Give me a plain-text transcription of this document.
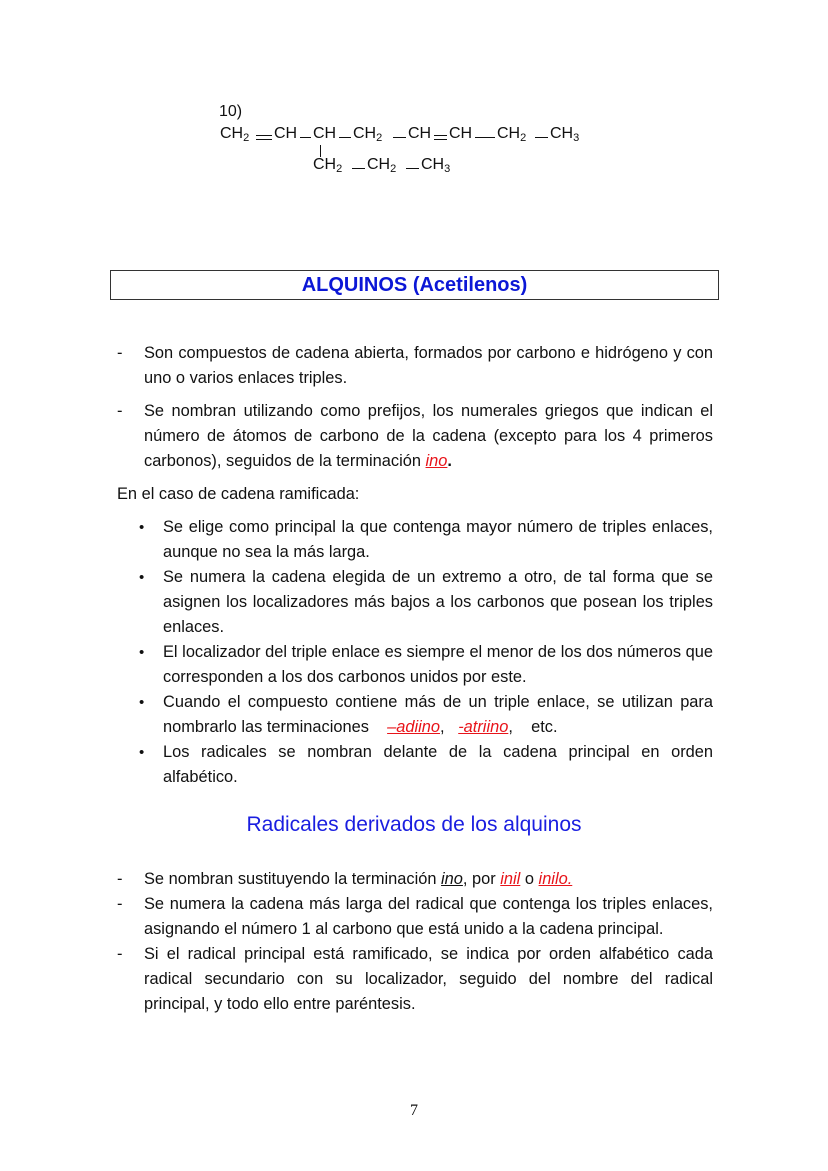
10)
$CH_2$ CH CH $CH_2$ CH CH $CH_2$ $CH_3$
$CH_2$ $CH_2$ $CH_3$
ALQUINOS (Acetilenos)
- Son compuestos de cadena abierta, formados por carbono e hidrógeno y con uno o varios enlaces triples.
- Se nombran utilizando como prefijos, los numerales griegos que indican el número de átomos de carbono de la cadena (excepto para los 4 primeros carbonos), seguidos de la terminación ino.
En el caso de cadena ramificada:
• Se elige como principal la que contenga mayor número de triples enlaces, aunque no sea la más larga.
• Se numera la cadena elegida de un extremo a otro, de tal forma que se asignen los localizadores más bajos a los carbonos que posean los triples enlaces.
• El localizador del triple enlace es siempre el menor de los dos números que corresponden a los dos carbonos unidos por este.
• Cuando el compuesto contiene más de un triple enlace, se utilizan para nombrarlo las terminaciones –adiino, -atriino,    etc.
• Los radicales se nombran delante de la cadena principal en orden alfabético.
Radicales derivados de los alquinos
- Se nombran sustituyendo la terminación ino, por inil o inilo.
- Se numera la cadena más larga del radical que contenga los triples enlaces, asignando el número 1 al carbono que está unido a la cadena principal.
- Si el radical principal está ramificado, se indica por orden alfabético cada radical secundario con su localizador, seguido del nombre del radical principal, y todo ello entre paréntesis.
7
